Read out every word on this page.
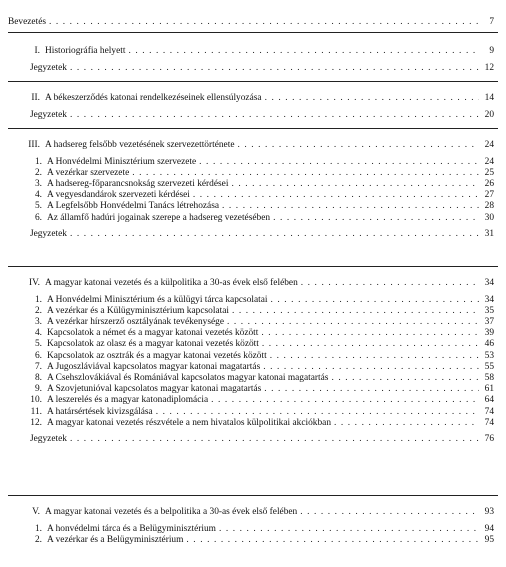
Bevezetés . . .	7
I. Historiográfia helyett . . .	9
Jegyzetek . . .	12
II. A békeszerződés katonai rendelkezéseinek ellensúlyozása . . .	14
Jegyzetek . . .	20
III. A hadsereg felsőbb vezetésének szervezettörténete . . .	24
1. A Honvédelmi Minisztérium szervezete . . .	24
2. A vezérkar szervezete . . .	25
3. A hadsereg-főparancsnokság szervezeti kérdései . . .	26
4. A vegyesdandárok szervezeti kérdései . . .	27
5. A Legfelsőbb Honvédelmi Tanács létrehozása . . .	28
6. Az államfő hadúri jogainak szerepe a hadsereg vezetésében . . .	30
Jegyzetek . . .	31
IV. A magyar katonai vezetés és a külpolitika a 30-as évek első felében . . .	34
1. A Honvédelmi Minisztérium és a külügyi tárca kapcsolatai . . .	34
2. A vezérkar és a Külügyminisztérium kapcsolatai . . .	35
3. A vezérkar hírszerző osztályának tevékenysége . . .	37
4. Kapcsolatok a német és a magyar katonai vezetés között . . .	39
5. Kapcsolatok az olasz és a magyar katonai vezetés között . . .	46
6. Kapcsolatok az osztrák és a magyar katonai vezetés között . . .	53
7. A Jugoszláviával kapcsolatos magyar katonai magatartás . . .	55
8. A Csehszlovákiával és Romániával kapcsolatos magyar katonai magatartás . . .	58
9. A Szovjetunióval kapcsolatos magyar katonai magatartás . . .	61
10. A leszerelés és a magyar katonadiplomácia . . .	64
11. A határsértések kivizsgálása . . .	74
12. A magyar katonai vezetés részvétele a nem hivatalos külpolitikai akciókban . . .	74
Jegyzetek . . .	76
V. A magyar katonai vezetés és a belpolitika a 30-as évek első felében . . .	93
1. A honvédelmi tárca és a Belügyminisztérium . . .	94
2. A vezérkar és a Belügyminisztérium . . .	95
